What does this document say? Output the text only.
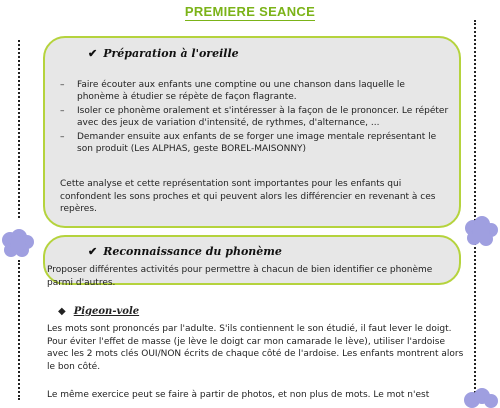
PREMIERE SEANCE
✔ Préparation à l'oreille
– Faire écouter aux enfants une comptine ou une chanson dans laquelle le phonème à étudier se répète de façon flagrante.
– Isoler ce phonème oralement et s'intéresser à la façon de le prononcer. Le répéter avec des jeux de variation d'intensité, de rythmes, d'alternance, ...
– Demander ensuite aux enfants de se forger une image mentale représentant le son produit (Les ALPHAS, geste BOREL-MAISONNY)
Cette analyse et cette représentation sont importantes pour les enfants qui confondent les sons proches et qui peuvent alors les différencier en revenant à ces repères.
✔ Reconnaissance du phonème
Proposer différentes activités pour permettre à chacun de bien identifier ce phonème parmi d'autres.
◆ Pigeon-vole
Les mots sont prononcés par l'adulte. S'ils contiennent le son étudié, il faut lever le doigt. Pour éviter l'effet de masse (je lève le doigt car mon camarade le lève), utiliser l'ardoise avec les 2 mots clés OUI/NON écrits de chaque côté de l'ardoise. Les enfants montrent alors le bon côté.
Le même exercice peut se faire à partir de photos, et non plus de mots. Le mot n'est
